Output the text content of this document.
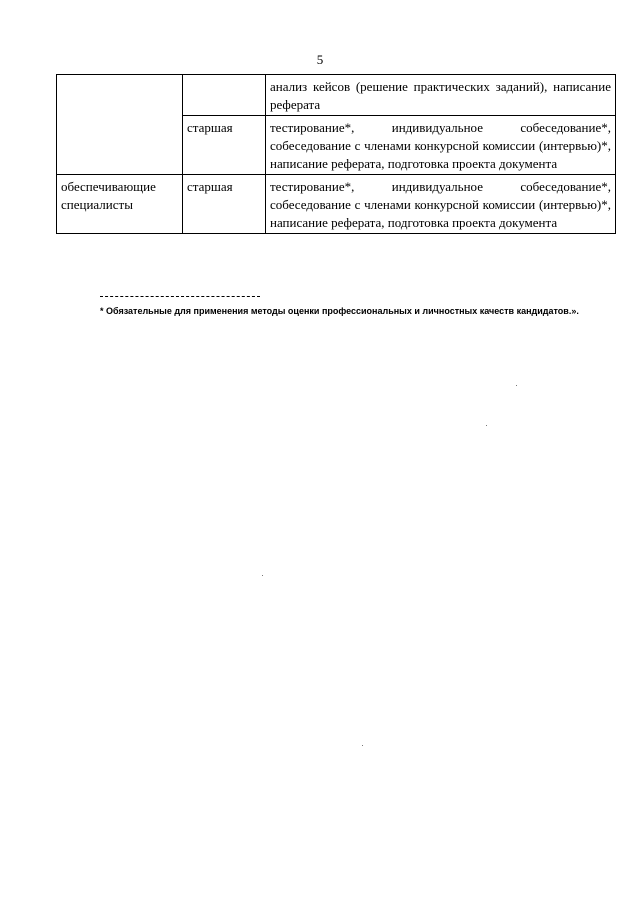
5
		анализ кейсов (решение практических заданий), написание реферата
	старшая	тестирование*, индивидуальное собеседование*, собеседование с членами конкурсной комиссии (интервью)*, написание реферата, подготовка проекта документа
обеспечивающие специалисты	старшая	тестирование*, индивидуальное собеседование*, собеседование с членами конкурсной комиссии (интервью)*, написание реферата, подготовка проекта документа
* Обязательные для применения методы оценки профессиональных и личностных качеств кандидатов.».
